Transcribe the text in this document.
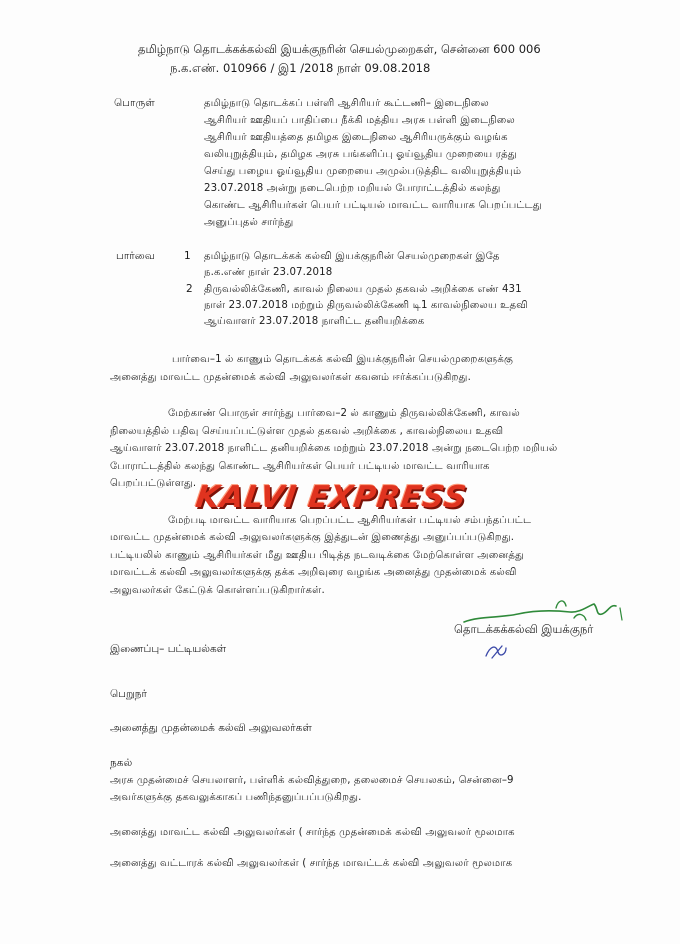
தமிழ்நாடு தொடக்கக்கல்வி இயக்குநரின் செயல்முறைகள், சென்னை 600 006
ந.க.எண். 010966 / இ1 /2018 நாள் 09.08.2018
பொருள்	தமிழ்நாடு தொடக்கப் பள்ளி ஆசிரியர் கூட்டணி– இடைநிலை
ஆசிரியர் ஊதியப் பாதிப்பை நீக்கி மத்திய அரசு பள்ளி இடைநிலை
ஆசிரியர் ஊதியத்தை தமிழக இடைநிலை ஆசிரியருக்கும் வழங்க
வலியுறுத்தியும், தமிழக அரசு பங்களிப்பு ஓய்வூதிய முறையை ரத்து
செய்து பழைய ஓய்வூதிய முறையை அமுல்படுத்திட வலியுறுத்தியும்
23.07.2018 அன்று நடைபெற்ற மறியல் போராட்டத்தில் கலந்து
கொண்ட ஆசிரியர்கள் பெயர் பட்டியல் மாவட்ட வாரியாக பெறப்பட்டது
அனுப்புதல் சார்ந்து
பார்வை	1 தமிழ்நாடு தொடக்கக் கல்வி இயக்குநரின் செயல்முறைகள் இதே
ந.க.எண் நாள் 23.07.2018
2 திருவல்லிக்கேணி, காவல் நிலைய முதல் தகவல் அறிக்கை எண் 431
நாள் 23.07.2018 மற்றும் திருவல்லிக்கேணி டி1 காவல்நிலைய உதவி
ஆய்வாளர் 23.07.2018 நாளிட்ட தனியறிக்கை
பார்வை–1 ல் காணும் தொடக்கக் கல்வி இயக்குநரின் செயல்முறைகளுக்கு
அனைத்து மாவட்ட முதன்மைக் கல்வி அலுவலர்கள் கவனம் ஈர்க்கப்படுகிறது.
மேற்காண் பொருள் சார்ந்து பார்வை–2 ல் காணும் திருவல்லிக்கேணி, காவல்
நிலையத்தில் பதிவு செய்யப்பட்டுள்ள முதல் தகவல் அறிக்கை , காவல்நிலைய உதவி
ஆய்வாளர் 23.07.2018 நாளிட்ட தனியறிக்கை மற்றும் 23.07.2018 அன்று நடைபெற்ற மறியல்
போராட்டத்தில் கலந்து கொண்ட ஆசிரியர்கள் பெயர் பட்டியல் மாவட்ட வாரியாக
பெறப்பட்டுள்ளது.
KALVI EXPRESS
மேற்படி மாவட்ட வாரியாக பெறப்பட்ட ஆசிரியர்கள் பட்டியல் சம்பந்தப்பட்ட
மாவட்ட முதன்மைக் கல்வி அலுவலர்களுக்கு இத்துடன் இணைத்து அனுப்பப்படுகிறது.
பட்டியலில் காணும் ஆசிரியர்கள் மீது ஊதிய பிடித்த நடவடிக்கை மேற்கொள்ள அனைத்து
மாவட்டக் கல்வி அலுவலர்களுக்கு தக்க அறிவுரை வழங்க அனைத்து முதன்மைக் கல்வி
அலுவலர்கள் கேட்டுக் கொள்ளப்படுகிறார்கள்.
தொடக்கக்கல்வி இயக்குநர்
இணைப்பு– பட்டியல்கள்
பெறுநர்
அனைத்து முதன்மைக் கல்வி அலுவலர்கள்
நகல்
அரசு முதன்மைச் செயலாளர், பள்ளிக் கல்வித்துறை, தலைமைச் செயலகம், சென்னை–9
அவர்களுக்கு தகவலுக்காகப் பணிந்தனுப்பப்படுகிறது.
அனைத்து மாவட்ட கல்வி அலுவலர்கள் ( சார்ந்த முதன்மைக் கல்வி அலுவலர் மூலமாக
அனைத்து வட்டாரக் கல்வி அலுவலர்கள் ( சார்ந்த மாவட்டக் கல்வி அலுவலர் மூலமாக
